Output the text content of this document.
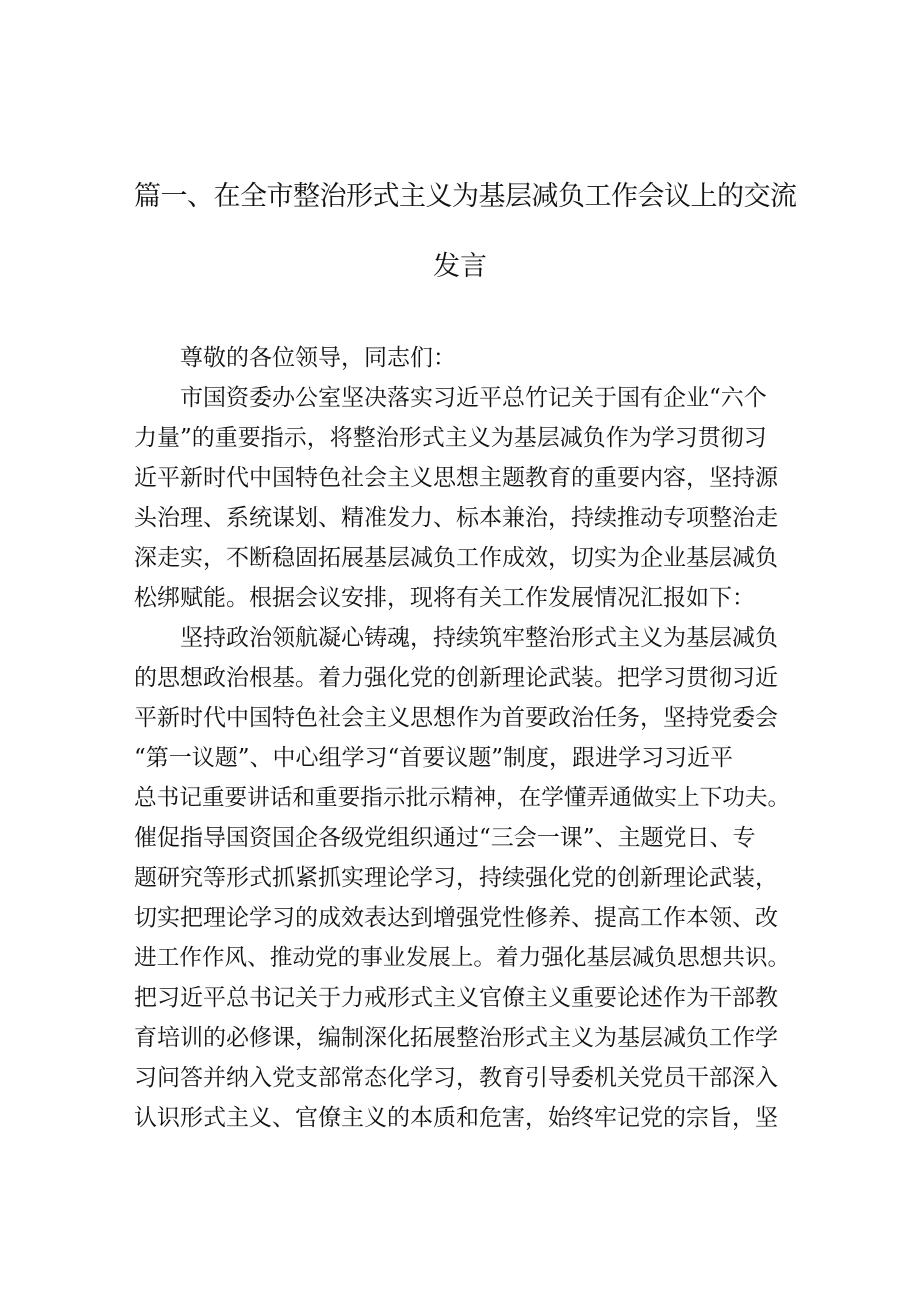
篇一、在全市整治形式主义为基层减负工作会议上的交流
发言
尊敬的各位领导，同志们：
市国资委办公室坚决落实习近平总竹记关于国有企业“六个
力量”的重要指示，将整治形式主义为基层减负作为学习贯彻习
近平新时代中国特色社会主义思想主题教育的重要内容，坚持源
头治理、系统谋划、精准发力、标本兼治，持续推动专项整治走
深走实，不断稳固拓展基层减负工作成效，切实为企业基层减负
松绑赋能。根据会议安排，现将有关工作发展情况汇报如下：
坚持政治领航凝心铸魂，持续筑牢整治形式主义为基层减负
的思想政治根基。着力强化党的创新理论武装。把学习贯彻习近
平新时代中国特色社会主义思想作为首要政治任务，坚持党委会
“第一议题”、中心组学习“首要议题”制度，跟进学习习近平
总书记重要讲话和重要指示批示精神，在学懂弄通做实上下功夫。
催促指导国资国企各级党组织通过“三会一课”、主题党日、专
题研究等形式抓紧抓实理论学习，持续强化党的创新理论武装，
切实把理论学习的成效表达到增强党性修养、提高工作本领、改
进工作作风、推动党的事业发展上。着力强化基层减负思想共识。
把习近平总书记关于力戒形式主义官僚主义重要论述作为干部教
育培训的必修课，编制深化拓展整治形式主义为基层减负工作学
习问答并纳入党支部常态化学习，教育引导委机关党员干部深入
认识形式主义、官僚主义的本质和危害，始终牢记党的宗旨，坚
